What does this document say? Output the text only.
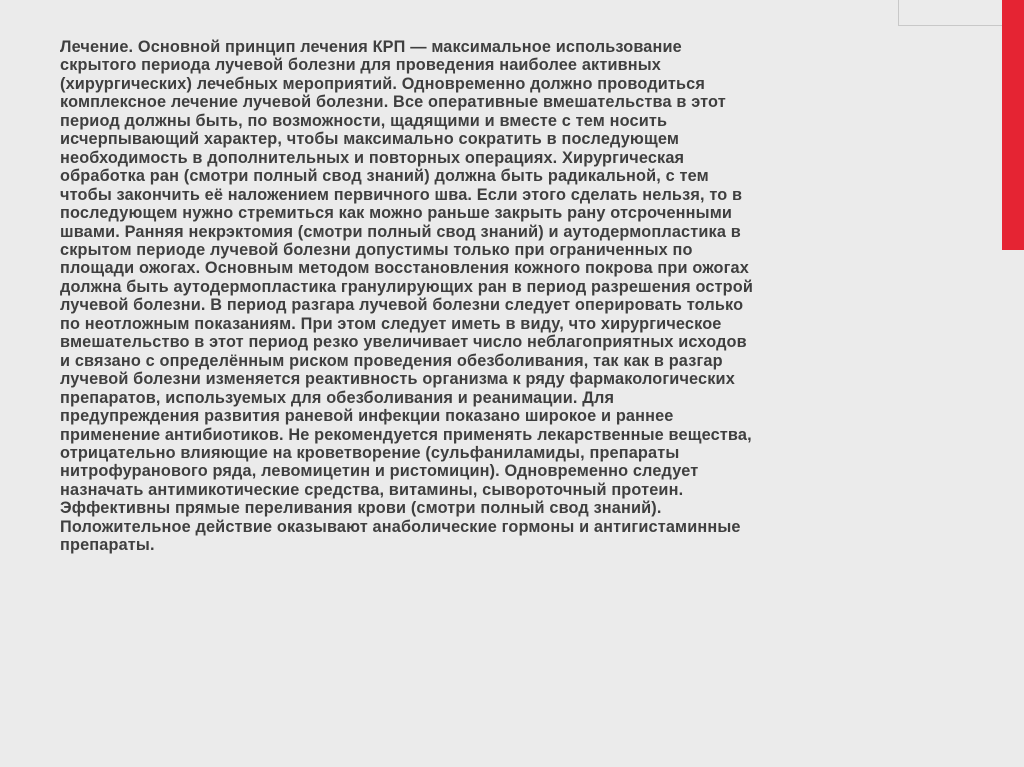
Лечение. Основной принцип лечения КРП — максимальное использование
скрытого периода лучевой болезни для проведения наиболее активных
(хирургических) лечебных мероприятий. Одновременно должно проводиться
комплексное лечение лучевой болезни. Все оперативные вмешательства в этот
период должны быть, по возможности, щадящими и вместе с тем носить
исчерпывающий характер, чтобы максимально сократить в последующем
необходимость в дополнительных и повторных операциях. Хирургическая
обработка ран (смотри полный свод знаний) должна быть радикальной, с тем
чтобы закончить её наложением первичного шва. Если этого сделать нельзя, то в
последующем нужно стремиться как можно раньше закрыть рану отсроченными
швами. Ранняя некрэктомия (смотри полный свод знаний) и аутодермопластика в
скрытом периоде лучевой болезни допустимы только при ограниченных по
площади ожогах. Основным методом восстановления кожного покрова при ожогах
должна быть аутодермопластика гранулирующих ран в период разрешения острой
лучевой болезни. В период разгара лучевой болезни следует оперировать только
по неотложным показаниям. При этом следует иметь в виду, что хирургическое
вмешательство в этот период резко увеличивает число неблагоприятных исходов
и связано с определённым риском проведения обезболивания, так как в разгар
лучевой болезни изменяется реактивность организма к ряду фармакологических
препаратов, используемых для обезболивания и реанимации. Для
предупреждения развития раневой инфекции показано широкое и раннее
применение антибиотиков. Не рекомендуется применять лекарственные вещества,
отрицательно влияющие на кроветворение (сульфаниламиды, препараты
нитрофуранового ряда, левомицетин и ристомицин). Одновременно следует
назначать антимикотические средства, витамины, сывороточный протеин.
Эффективны прямые переливания крови (смотри полный свод знаний).
Положительное действие оказывают анаболические гормоны и антигистаминные
препараты.
